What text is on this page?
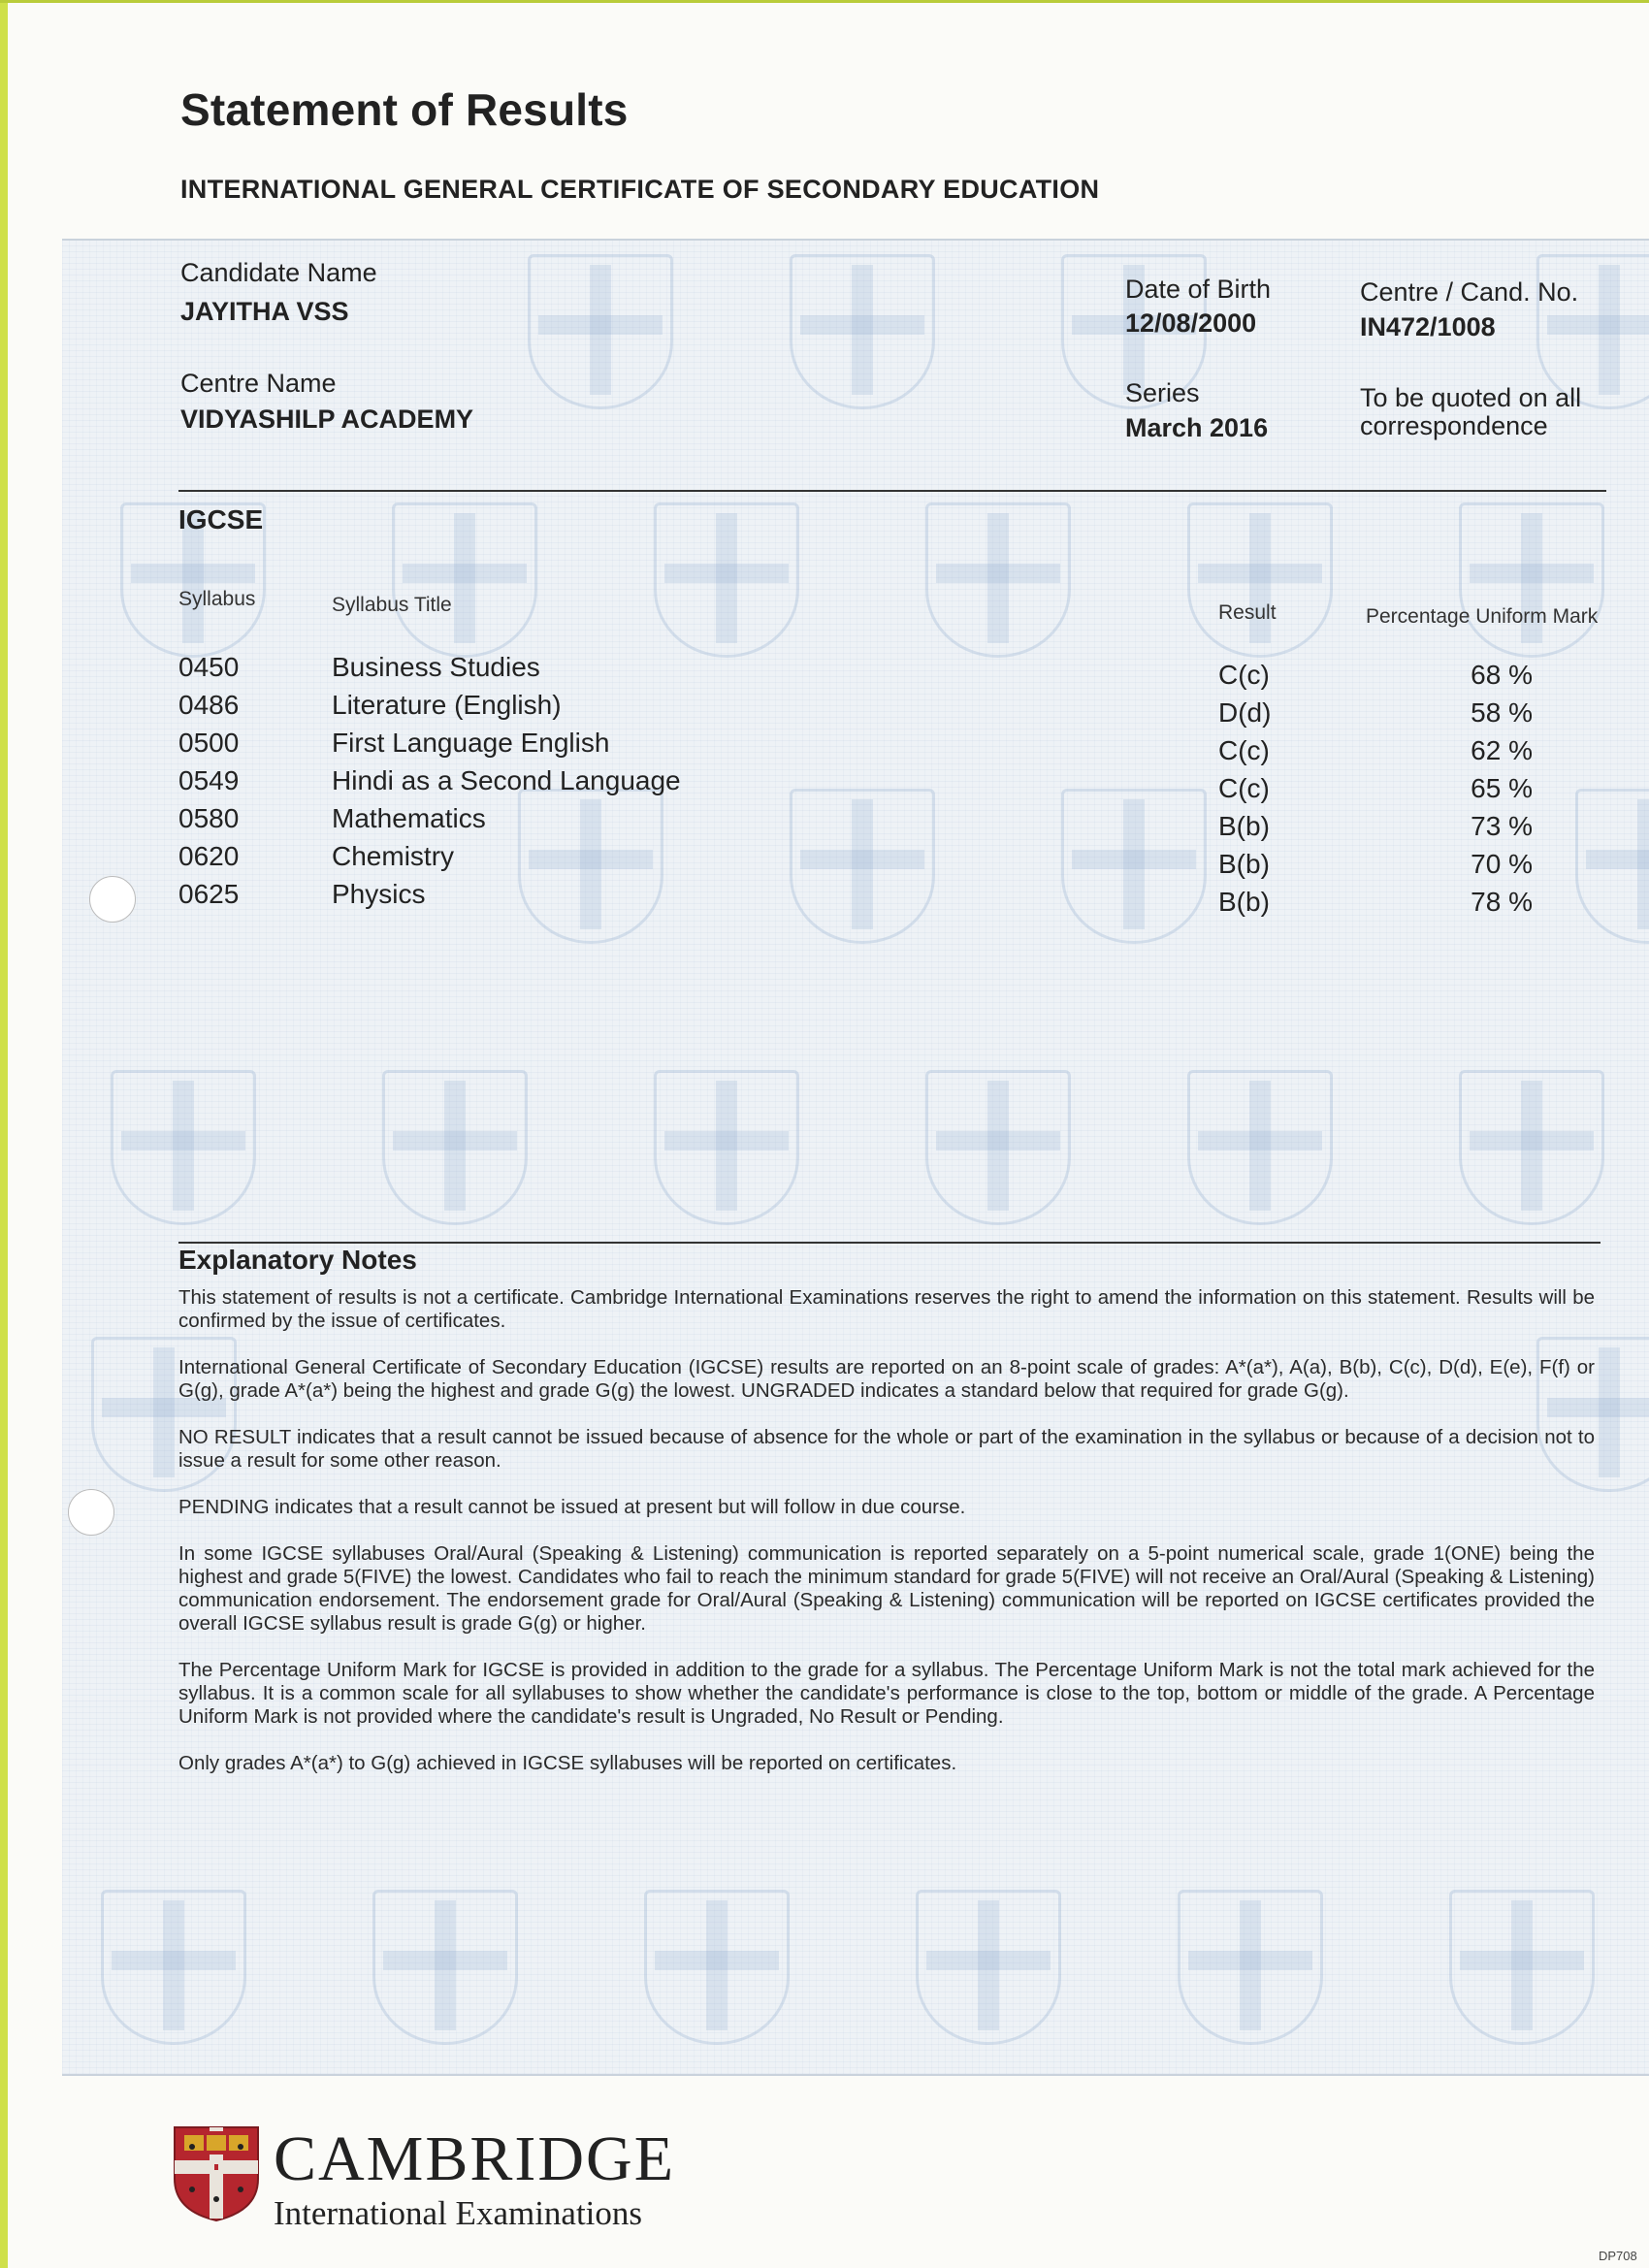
Statement of Results
INTERNATIONAL GENERAL CERTIFICATE OF SECONDARY EDUCATION
Candidate Name
JAYITHA VSS
Centre Name
VIDYASHILP ACADEMY
Date of Birth
12/08/2000
Series
March 2016
Centre / Cand. No.
IN472/1008
To be quoted on all correspondence
IGCSE
Syllabus	Syllabus Title	Result	Percentage Uniform Mark
0450	Business Studies	C(c)	68 %
0486	Literature (English)	D(d)	58 %
0500	First Language English	C(c)	62 %
0549	Hindi as a Second Language	C(c)	65 %
0580	Mathematics	B(b)	73 %
0620	Chemistry	B(b)	70 %
0625	Physics	B(b)	78 %
Explanatory Notes

This statement of results is not a certificate. Cambridge International Examinations reserves the right to amend the information on this statement. Results will be confirmed by the issue of certificates.

International General Certificate of Secondary Education (IGCSE) results are reported on an 8-point scale of grades: A*(a*), A(a), B(b), C(c), D(d), E(e), F(f) or G(g), grade A*(a*) being the highest and grade G(g) the lowest. UNGRADED indicates a standard below that required for grade G(g).

NO RESULT indicates that a result cannot be issued because of absence for the whole or part of the examination in the syllabus or because of a decision not to issue a result for some other reason.

PENDING indicates that a result cannot be issued at present but will follow in due course.

In some IGCSE syllabuses Oral/Aural (Speaking & Listening) communication is reported separately on a 5-point numerical scale, grade 1(ONE) being the highest and grade 5(FIVE) the lowest. Candidates who fail to reach the minimum standard for grade 5(FIVE) will not receive an Oral/Aural (Speaking & Listening) communication endorsement. The endorsement grade for Oral/Aural (Speaking & Listening) communication will be reported on IGCSE certificates provided the overall IGCSE syllabus result is grade G(g) or higher.

The Percentage Uniform Mark for IGCSE is provided in addition to the grade for a syllabus. The Percentage Uniform Mark is not the total mark achieved for the syllabus. It is a common scale for all syllabuses to show whether the candidate's performance is close to the top, bottom or middle of the grade. A Percentage Uniform Mark is not provided where the candidate's result is Ungraded, No Result or Pending.

Only grades A*(a*) to G(g) achieved in IGCSE syllabuses will be reported on certificates.

CAMBRIDGE
International Examinations
DP708
